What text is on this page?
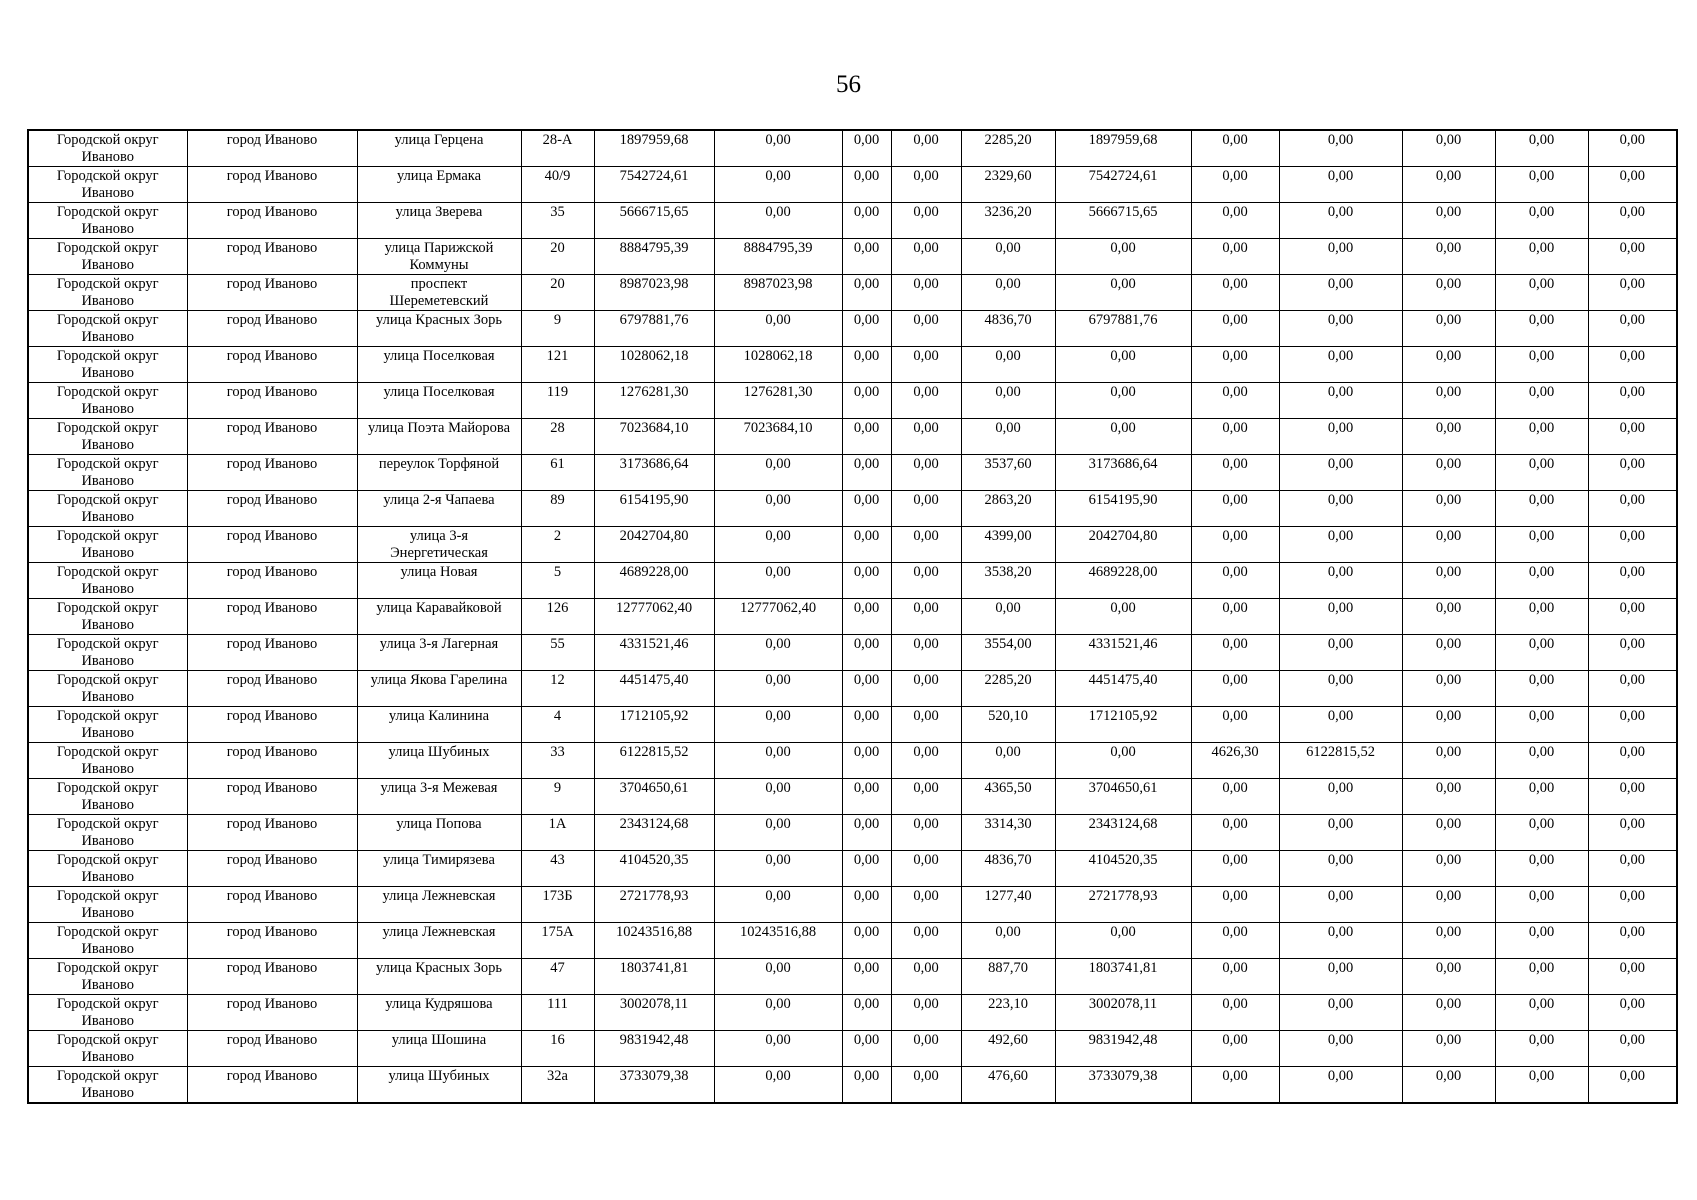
56
Городской округ Иваново	город Иваново	улица Герцена	28-А	1897959,68	0,00	0,00	0,00	2285,20	1897959,68	0,00	0,00	0,00	0,00	0,00
Городской округ Иваново	город Иваново	улица Ермака	40/9	7542724,61	0,00	0,00	0,00	2329,60	7542724,61	0,00	0,00	0,00	0,00	0,00
Городской округ Иваново	город Иваново	улица Зверева	35	5666715,65	0,00	0,00	0,00	3236,20	5666715,65	0,00	0,00	0,00	0,00	0,00
Городской округ Иваново	город Иваново	улица Парижской Коммуны	20	8884795,39	8884795,39	0,00	0,00	0,00	0,00	0,00	0,00	0,00	0,00	0,00
Городской округ Иваново	город Иваново	проспект Шереметевский	20	8987023,98	8987023,98	0,00	0,00	0,00	0,00	0,00	0,00	0,00	0,00	0,00
Городской округ Иваново	город Иваново	улица Красных Зорь	9	6797881,76	0,00	0,00	0,00	4836,70	6797881,76	0,00	0,00	0,00	0,00	0,00
Городской округ Иваново	город Иваново	улица Поселковая	121	1028062,18	1028062,18	0,00	0,00	0,00	0,00	0,00	0,00	0,00	0,00	0,00
Городской округ Иваново	город Иваново	улица Поселковая	119	1276281,30	1276281,30	0,00	0,00	0,00	0,00	0,00	0,00	0,00	0,00	0,00
Городской округ Иваново	город Иваново	улица Поэта Майорова	28	7023684,10	7023684,10	0,00	0,00	0,00	0,00	0,00	0,00	0,00	0,00	0,00
Городской округ Иваново	город Иваново	переулок Торфяной	61	3173686,64	0,00	0,00	0,00	3537,60	3173686,64	0,00	0,00	0,00	0,00	0,00
Городской округ Иваново	город Иваново	улица 2-я Чапаева	89	6154195,90	0,00	0,00	0,00	2863,20	6154195,90	0,00	0,00	0,00	0,00	0,00
Городской округ Иваново	город Иваново	улица 3-я Энергетическая	2	2042704,80	0,00	0,00	0,00	4399,00	2042704,80	0,00	0,00	0,00	0,00	0,00
Городской округ Иваново	город Иваново	улица Новая	5	4689228,00	0,00	0,00	0,00	3538,20	4689228,00	0,00	0,00	0,00	0,00	0,00
Городской округ Иваново	город Иваново	улица Каравайковой	126	12777062,40	12777062,40	0,00	0,00	0,00	0,00	0,00	0,00	0,00	0,00	0,00
Городской округ Иваново	город Иваново	улица 3-я Лагерная	55	4331521,46	0,00	0,00	0,00	3554,00	4331521,46	0,00	0,00	0,00	0,00	0,00
Городской округ Иваново	город Иваново	улица Якова Гарелина	12	4451475,40	0,00	0,00	0,00	2285,20	4451475,40	0,00	0,00	0,00	0,00	0,00
Городской округ Иваново	город Иваново	улица Калинина	4	1712105,92	0,00	0,00	0,00	520,10	1712105,92	0,00	0,00	0,00	0,00	0,00
Городской округ Иваново	город Иваново	улица Шубиных	33	6122815,52	0,00	0,00	0,00	0,00	0,00	4626,30	6122815,52	0,00	0,00	0,00
Городской округ Иваново	город Иваново	улица 3-я Межевая	9	3704650,61	0,00	0,00	0,00	4365,50	3704650,61	0,00	0,00	0,00	0,00	0,00
Городской округ Иваново	город Иваново	улица Попова	1А	2343124,68	0,00	0,00	0,00	3314,30	2343124,68	0,00	0,00	0,00	0,00	0,00
Городской округ Иваново	город Иваново	улица Тимирязева	43	4104520,35	0,00	0,00	0,00	4836,70	4104520,35	0,00	0,00	0,00	0,00	0,00
Городской округ Иваново	город Иваново	улица Лежневская	173Б	2721778,93	0,00	0,00	0,00	1277,40	2721778,93	0,00	0,00	0,00	0,00	0,00
Городской округ Иваново	город Иваново	улица Лежневская	175А	10243516,88	10243516,88	0,00	0,00	0,00	0,00	0,00	0,00	0,00	0,00	0,00
Городской округ Иваново	город Иваново	улица Красных Зорь	47	1803741,81	0,00	0,00	0,00	887,70	1803741,81	0,00	0,00	0,00	0,00	0,00
Городской округ Иваново	город Иваново	улица Кудряшова	111	3002078,11	0,00	0,00	0,00	223,10	3002078,11	0,00	0,00	0,00	0,00	0,00
Городской округ Иваново	город Иваново	улица Шошина	16	9831942,48	0,00	0,00	0,00	492,60	9831942,48	0,00	0,00	0,00	0,00	0,00
Городской округ Иваново	город Иваново	улица Шубиных	32а	3733079,38	0,00	0,00	0,00	476,60	3733079,38	0,00	0,00	0,00	0,00	0,00
